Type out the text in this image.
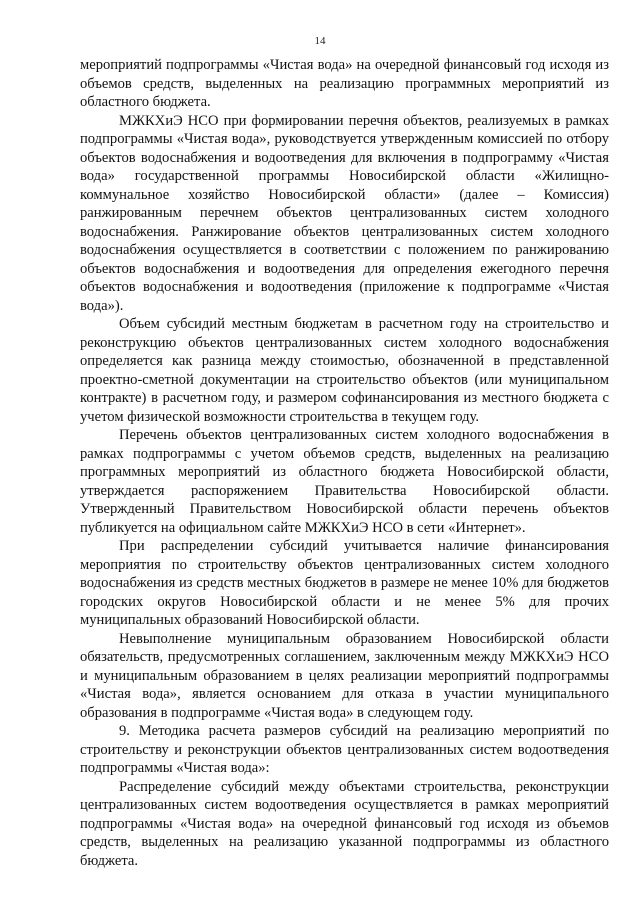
14

мероприятий подпрограммы «Чистая вода» на очередной финансовый год исходя из объемов средств, выделенных на реализацию программных мероприятий из областного бюджета.

МЖКХиЭ НСО при формировании перечня объектов, реализуемых в рамках подпрограммы «Чистая вода», руководствуется утвержденным комиссией по отбору объектов водоснабжения и водоотведения для включения в подпрограмму «Чистая вода» государственной программы Новосибирской области «Жилищно-коммунальное хозяйство Новосибирской области» (далее – Комиссия) ранжированным перечнем объектов централизованных систем холодного водоснабжения. Ранжирование объектов централизованных систем холодного водоснабжения осуществляется в соответствии с положением по ранжированию объектов водоснабжения и водоотведения для определения ежегодного перечня объектов водоснабжения и водоотведения (приложение к подпрограмме «Чистая вода»).

Объем субсидий местным бюджетам в расчетном году на строительство и реконструкцию объектов централизованных систем холодного водоснабжения определяется как разница между стоимостью, обозначенной в представленной проектно-сметной документации на строительство объектов (или муниципальном контракте) в расчетном году, и размером софинансирования из местного бюджета с учетом физической возможности строительства в текущем году.

Перечень объектов централизованных систем холодного водоснабжения в рамках подпрограммы с учетом объемов средств, выделенных на реализацию программных мероприятий из областного бюджета Новосибирской области, утверждается распоряжением Правительства Новосибирской области. Утвержденный Правительством Новосибирской области перечень объектов публикуется на официальном сайте МЖКХиЭ НСО в сети «Интернет».

При распределении субсидий учитывается наличие финансирования мероприятия по строительству объектов централизованных систем холодного водоснабжения из средств местных бюджетов в размере не менее 10% для бюджетов городских округов Новосибирской области и не менее 5% для прочих муниципальных образований Новосибирской области.

Невыполнение муниципальным образованием Новосибирской области обязательств, предусмотренных соглашением, заключенным между МЖКХиЭ НСО и муниципальным образованием в целях реализации мероприятий подпрограммы «Чистая вода», является основанием для отказа в участии муниципального образования в подпрограмме «Чистая вода» в следующем году.

9. Методика расчета размеров субсидий на реализацию мероприятий по строительству и реконструкции объектов централизованных систем водоотведения подпрограммы «Чистая вода»:

Распределение субсидий между объектами строительства, реконструкции централизованных систем водоотведения осуществляется в рамках мероприятий подпрограммы «Чистая вода» на очередной финансовый год исходя из объемов средств, выделенных на реализацию указанной подпрограммы из областного бюджета.
